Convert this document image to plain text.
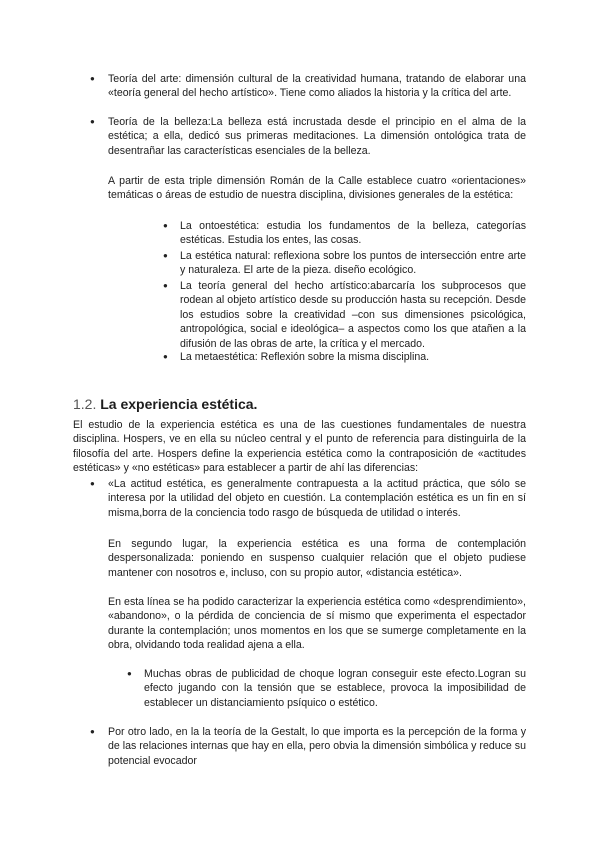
● Teoría del arte: dimensión cultural de la creatividad humana, tratando de elaborar una «teoría general del hecho artístico». Tiene como aliados la historia y la crítica del arte.

● Teoría de la belleza:La belleza está incrustada desde el principio en el alma de la estética; a ella, dedicó sus primeras meditaciones. La dimensión ontológica trata de desentrañar las características esenciales de la belleza.

A partir de esta triple dimensión Román de la Calle establece cuatro «orientaciones» temáticas o áreas de estudio de nuestra disciplina, divisiones generales de la estética:

● La ontoestética: estudia los fundamentos de la belleza, categorías estéticas. Estudia los entes, las cosas.

● La estética natural: reflexiona sobre los puntos de intersección entre arte y naturaleza. El arte de la pieza. diseño ecológico.

● La teoría general del hecho artístico:abarcaría los subprocesos que rodean al objeto artístico desde su producción hasta su recepción. Desde los estudios sobre la creatividad –con sus dimensiones psicológica, antropológica, social e ideológica– a aspectos como los que atañen a la difusión de las obras de arte, la crítica y el mercado.

● La metaestética: Reflexión sobre la misma disciplina.

1.2. La experiencia estética.

El estudio de la experiencia estética es una de las cuestiones fundamentales de nuestra disciplina. Hospers, ve en ella su núcleo central y el punto de referencia para distinguirla de la filosofía del arte. Hospers define la experiencia estética como la contraposición de «actitudes estéticas» y «no estéticas» para establecer a partir de ahí las diferencias:

● «La actitud estética, es generalmente contrapuesta a la actitud práctica, que sólo se interesa por la utilidad del objeto en cuestión. La contemplación estética es un fin en sí misma,borra de la conciencia todo rasgo de búsqueda de utilidad o interés.

En segundo lugar, la experiencia estética es una forma de contemplación despersonalizada: poniendo en suspenso cualquier relación que el objeto pudiese mantener con nosotros e, incluso, con su propio autor, «distancia estética».

En esta línea se ha podido caracterizar la experiencia estética como «desprendimiento», «abandono», o la pérdida de conciencia de sí mismo que experimenta el espectador durante la contemplación; unos momentos en los que se sumerge completamente en la obra, olvidando toda realidad ajena a ella.

● Muchas obras de publicidad de choque logran conseguir este efecto.Logran su efecto jugando con la tensión que se establece, provoca la imposibilidad de establecer un distanciamiento psíquico o estético.

● Por otro lado, en la la teoría de la Gestalt, lo que importa es la percepción de la forma y de las relaciones internas que hay en ella, pero obvia la dimensión simbólica y reduce su potencial evocador
